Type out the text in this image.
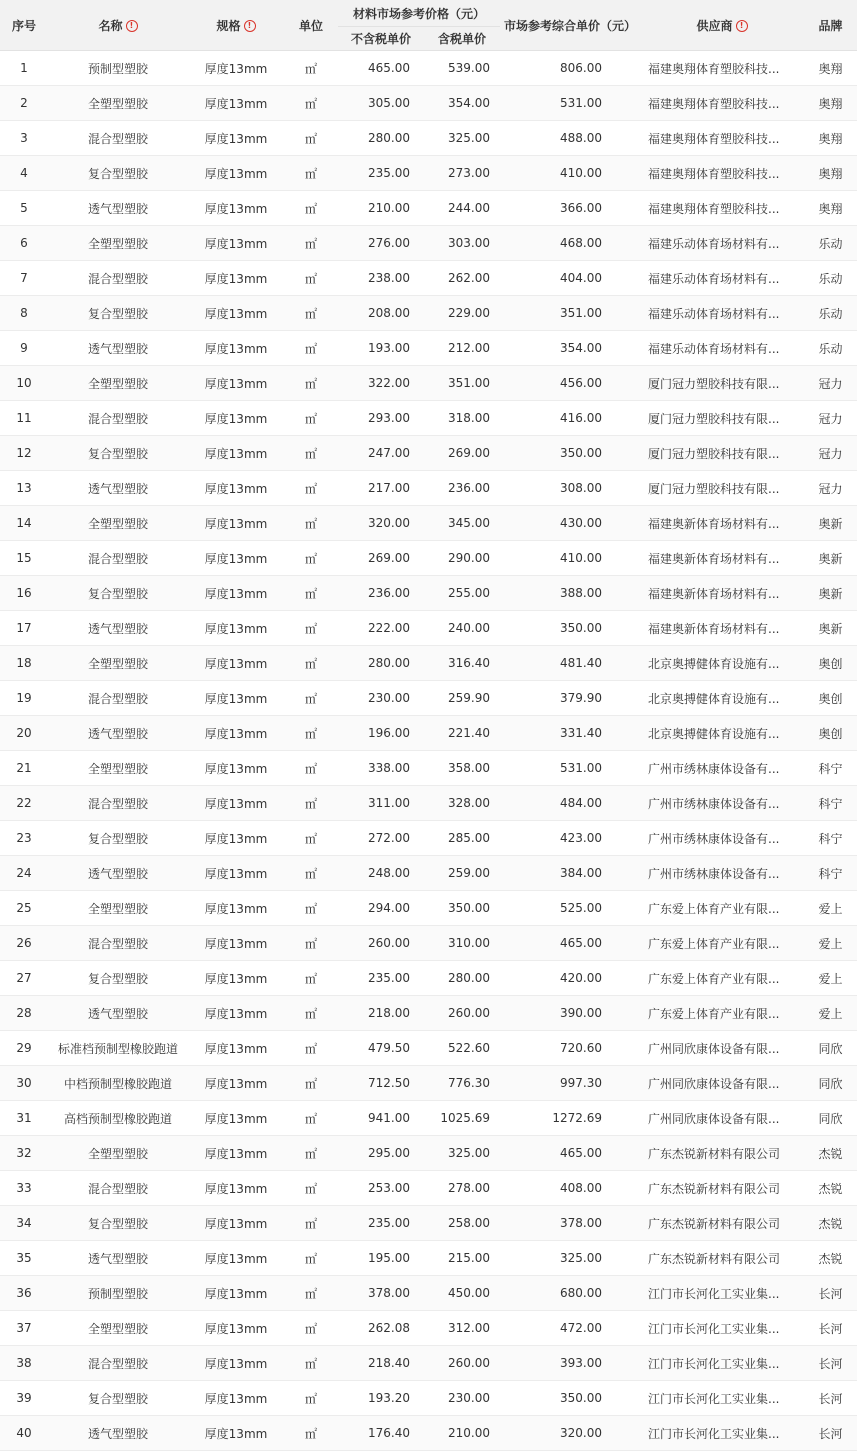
序号	名称 !	规格 !	单位	材料市场参考价格（元）		市场参考综合单价（元）	供应商 !	品牌
				不含税单价	含税单价			
1	预制型塑胶	厚度13mm	㎡	465.00	539.00	806.00	福建奥翔体育塑胶科技...	奥翔
2	全塑型塑胶	厚度13mm	㎡	305.00	354.00	531.00	福建奥翔体育塑胶科技...	奥翔
3	混合型塑胶	厚度13mm	㎡	280.00	325.00	488.00	福建奥翔体育塑胶科技...	奥翔
4	复合型塑胶	厚度13mm	㎡	235.00	273.00	410.00	福建奥翔体育塑胶科技...	奥翔
5	透气型塑胶	厚度13mm	㎡	210.00	244.00	366.00	福建奥翔体育塑胶科技...	奥翔
6	全塑型塑胶	厚度13mm	㎡	276.00	303.00	468.00	福建乐动体育场材料有...	乐动
7	混合型塑胶	厚度13mm	㎡	238.00	262.00	404.00	福建乐动体育场材料有...	乐动
8	复合型塑胶	厚度13mm	㎡	208.00	229.00	351.00	福建乐动体育场材料有...	乐动
9	透气型塑胶	厚度13mm	㎡	193.00	212.00	354.00	福建乐动体育场材料有...	乐动
10	全塑型塑胶	厚度13mm	㎡	322.00	351.00	456.00	厦门冠力塑胶科技有限...	冠力
11	混合型塑胶	厚度13mm	㎡	293.00	318.00	416.00	厦门冠力塑胶科技有限...	冠力
12	复合型塑胶	厚度13mm	㎡	247.00	269.00	350.00	厦门冠力塑胶科技有限...	冠力
13	透气型塑胶	厚度13mm	㎡	217.00	236.00	308.00	厦门冠力塑胶科技有限...	冠力
14	全塑型塑胶	厚度13mm	㎡	320.00	345.00	430.00	福建奥新体育场材料有...	奥新
15	混合型塑胶	厚度13mm	㎡	269.00	290.00	410.00	福建奥新体育场材料有...	奥新
16	复合型塑胶	厚度13mm	㎡	236.00	255.00	388.00	福建奥新体育场材料有...	奥新
17	透气型塑胶	厚度13mm	㎡	222.00	240.00	350.00	福建奥新体育场材料有...	奥新
18	全塑型塑胶	厚度13mm	㎡	280.00	316.40	481.40	北京奥搏健体育设施有...	奥创
19	混合型塑胶	厚度13mm	㎡	230.00	259.90	379.90	北京奥搏健体育设施有...	奥创
20	透气型塑胶	厚度13mm	㎡	196.00	221.40	331.40	北京奥搏健体育设施有...	奥创
21	全塑型塑胶	厚度13mm	㎡	338.00	358.00	531.00	广州市绣林康体设备有...	科宁
22	混合型塑胶	厚度13mm	㎡	311.00	328.00	484.00	广州市绣林康体设备有...	科宁
23	复合型塑胶	厚度13mm	㎡	272.00	285.00	423.00	广州市绣林康体设备有...	科宁
24	透气型塑胶	厚度13mm	㎡	248.00	259.00	384.00	广州市绣林康体设备有...	科宁
25	全塑型塑胶	厚度13mm	㎡	294.00	350.00	525.00	广东爱上体育产业有限...	爱上
26	混合型塑胶	厚度13mm	㎡	260.00	310.00	465.00	广东爱上体育产业有限...	爱上
27	复合型塑胶	厚度13mm	㎡	235.00	280.00	420.00	广东爱上体育产业有限...	爱上
28	透气型塑胶	厚度13mm	㎡	218.00	260.00	390.00	广东爱上体育产业有限...	爱上
29	标准档预制型橡胶跑道	厚度13mm	㎡	479.50	522.60	720.60	广州同欣康体设备有限...	同欣
30	中档预制型橡胶跑道	厚度13mm	㎡	712.50	776.30	997.30	广州同欣康体设备有限...	同欣
31	高档预制型橡胶跑道	厚度13mm	㎡	941.00	1025.69	1272.69	广州同欣康体设备有限...	同欣
32	全塑型塑胶	厚度13mm	㎡	295.00	325.00	465.00	广东杰锐新材料有限公司	杰锐
33	混合型塑胶	厚度13mm	㎡	253.00	278.00	408.00	广东杰锐新材料有限公司	杰锐
34	复合型塑胶	厚度13mm	㎡	235.00	258.00	378.00	广东杰锐新材料有限公司	杰锐
35	透气型塑胶	厚度13mm	㎡	195.00	215.00	325.00	广东杰锐新材料有限公司	杰锐
36	预制型塑胶	厚度13mm	㎡	378.00	450.00	680.00	江门市长河化工实业集...	长河
37	全塑型塑胶	厚度13mm	㎡	262.08	312.00	472.00	江门市长河化工实业集...	长河
38	混合型塑胶	厚度13mm	㎡	218.40	260.00	393.00	江门市长河化工实业集...	长河
39	复合型塑胶	厚度13mm	㎡	193.20	230.00	350.00	江门市长河化工实业集...	长河
40	透气型塑胶	厚度13mm	㎡	176.40	210.00	320.00	江门市长河化工实业集...	长河
